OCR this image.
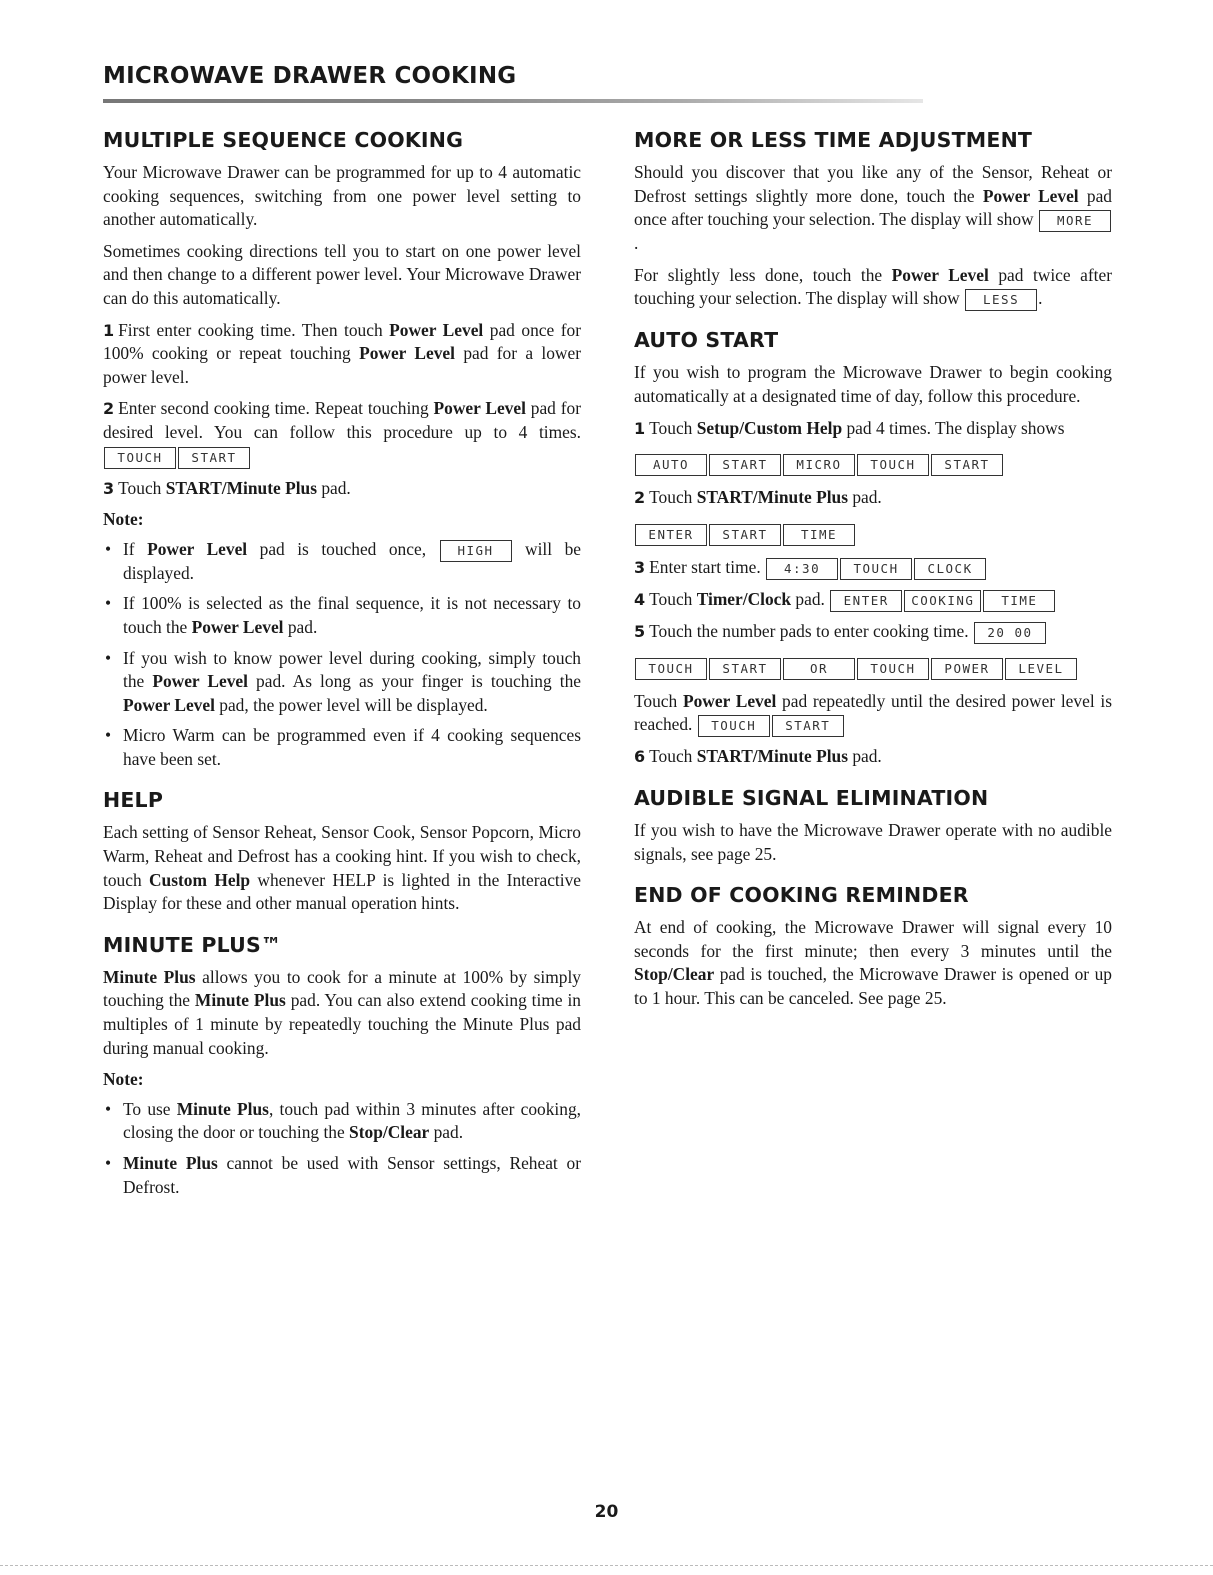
MICROWAVE DRAWER COOKING
MULTIPLE SEQUENCE COOKING

Your Microwave Drawer can be programmed for up to 4 automatic cooking sequences, switching from one power level setting to another automatically.

Sometimes cooking directions tell you to start on one power level and then change to a different power level. Your Microwave Drawer can do this automatically.

1 First enter cooking time. Then touch Power Level pad once for 100% cooking or repeat touching Power Level pad for a lower power level.

2 Enter second cooking time. Repeat touching Power Level pad for desired level. You can follow this procedure up to 4 times. TOUCH START

3 Touch START/Minute Plus pad.

Note:

• If Power Level pad is touched once, HIGH will be displayed.
• If 100% is selected as the final sequence, it is not necessary to touch the Power Level pad.
• If you wish to know power level during cooking, simply touch the Power Level pad. As long as your finger is touching the Power Level pad, the power level will be displayed.
• Micro Warm can be programmed even if 4 cooking sequences have been set.
HELP

Each setting of Sensor Reheat, Sensor Cook, Sensor Popcorn, Micro Warm, Reheat and Defrost has a cooking hint. If you wish to check, touch Custom Help whenever HELP is lighted in the Interactive Display for these and other manual operation hints.

MINUTE PLUS™

Minute Plus allows you to cook for a minute at 100% by simply touching the Minute Plus pad. You can also extend cooking time in multiples of 1 minute by repeatedly touching the Minute Plus pad during manual cooking.

Note:

• To use Minute Plus, touch pad within 3 minutes after cooking, closing the door or touching the Stop/Clear pad.
• Minute Plus cannot be used with Sensor settings, Reheat or Defrost.
MORE OR LESS TIME ADJUSTMENT

Should you discover that you like any of the Sensor, Reheat or Defrost settings slightly more done, touch the Power Level pad once after touching your selection. The display will show MORE.

For slightly less done, touch the Power Level pad twice after touching your selection. The display will show LESS .

AUTO START

If you wish to program the Microwave Drawer to begin cooking automatically at a designated time of day, follow this procedure.

1 Touch Setup/Custom Help pad 4 times. The display shows

AUTO	START MICRO TOUCH START

2 Touch START/Minute Plus pad.

ENTER START	TIME

3 Enter start time. 4:30	TOUCH CLOCK

4 Touch Timer/Clock pad. ENTER COOKING TIME

5 Touch the number pads to enter cooking time. 20 00

TOUCH START	OR	TOUCH POWER LEVEL

Touch Power Level pad repeatedly until the desired power level is reached. TOUCH START

6 Touch START/Minute Plus pad.

AUDIBLE SIGNAL ELIMINATION

If you wish to have the Microwave Drawer operate with no audible signals, see page 25.

END OF COOKING REMINDER

At end of cooking, the Microwave Drawer will signal every 10 seconds for the first minute; then every 3 minutes until the Stop/Clear pad is touched, the Microwave Drawer is opened or up to 1 hour. This can be canceled. See page 25.

20
